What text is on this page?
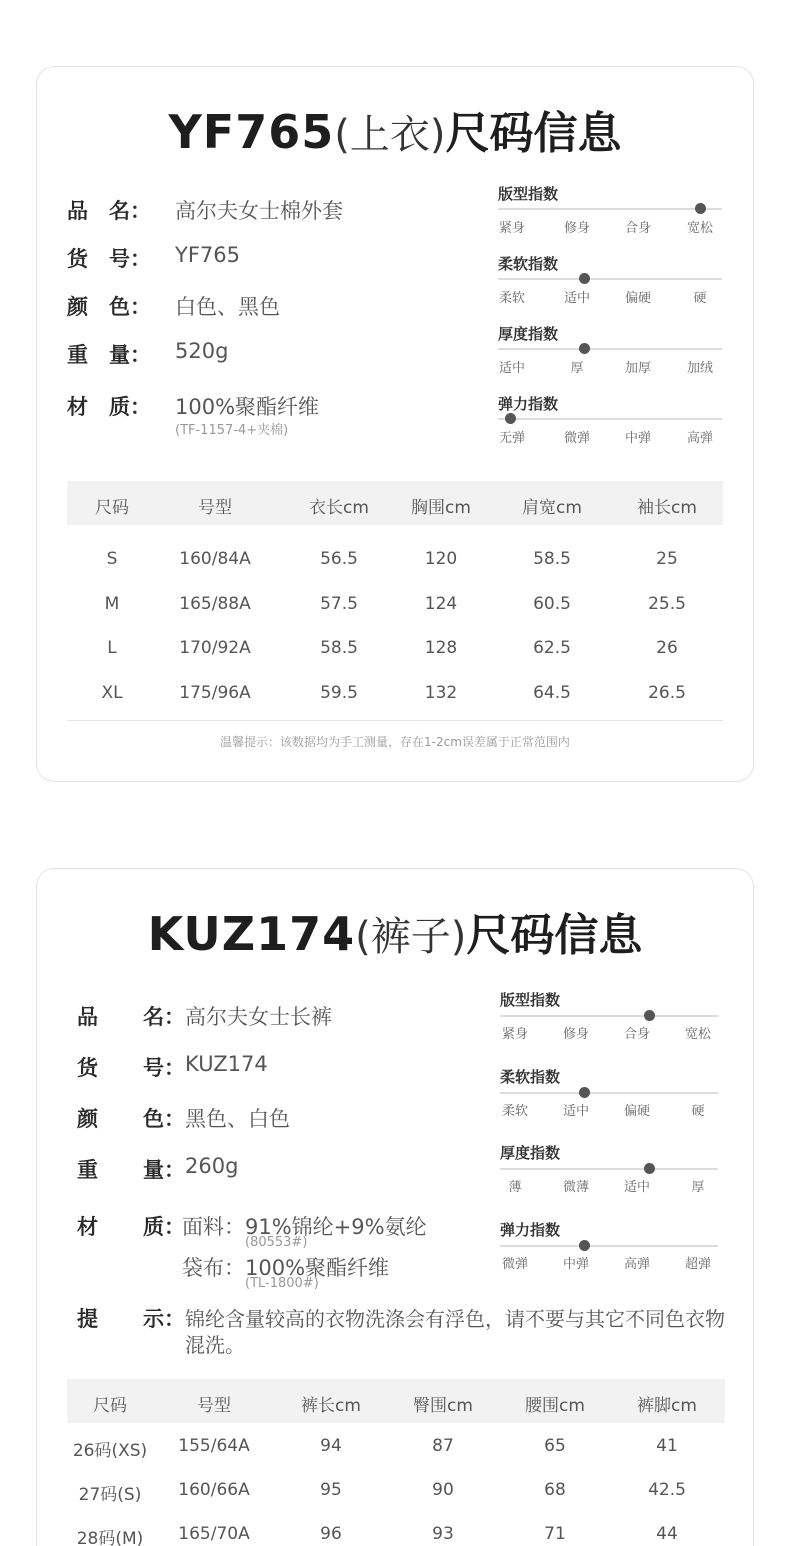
YF765(上衣)尺码信息
品　名： 高尔夫女士棉外套
货　号： YF765
颜　色： 白色、黑色
重　量： 520g
材　质： 100%聚酯纤维
(TF-1157-4+夹棉)
版型指数
紧身	修身	合身	宽松
柔软指数
柔软	适中	偏硬	硬
厚度指数
适中	厚	加厚	加绒
弹力指数
无弹	微弹	中弹	高弹
尺码	号型	衣长cm 胸围cm	肩宽cm	袖长cm
S	160/84A	56.5	120	58.5	25
M	165/88A	57.5	124	60.5	25.5
L	170/92A	58.5	128	62.5	26
XL	175/96A	59.5	132	64.5	26.5
温馨提示：该数据均为手工测量，存在1-2cm误差属于正常范围内
KUZ174(裤子)尺码信息
品 名： 高尔夫女士长裤
货 号： KUZ174
颜 色： 黑色、白色
重 量： 260g
材 质：
面料： 91%锦纶+9%氨纶
(80553#)
袋布： 100%聚酯纤维
(TL-1800#)
提 示： 锦纶含量较高的衣物洗涤会有浮色，请不要与其它不同色衣物
混洗。
版型指数
紧身	修身	合身	宽松
柔软指数
柔软	适中	偏硬	硬
厚度指数
薄	微薄	适中	厚
弹力指数
微弹	中弹	高弹	超弹
尺码	号型	裤长cm	臀围cm	腰围cm	裤脚cm
26码(XS) 155/64A	94	87	65	41
27码(S) 160/66A	95	90	68	42.5
28码(M) 165/70A	96	93	71	44
